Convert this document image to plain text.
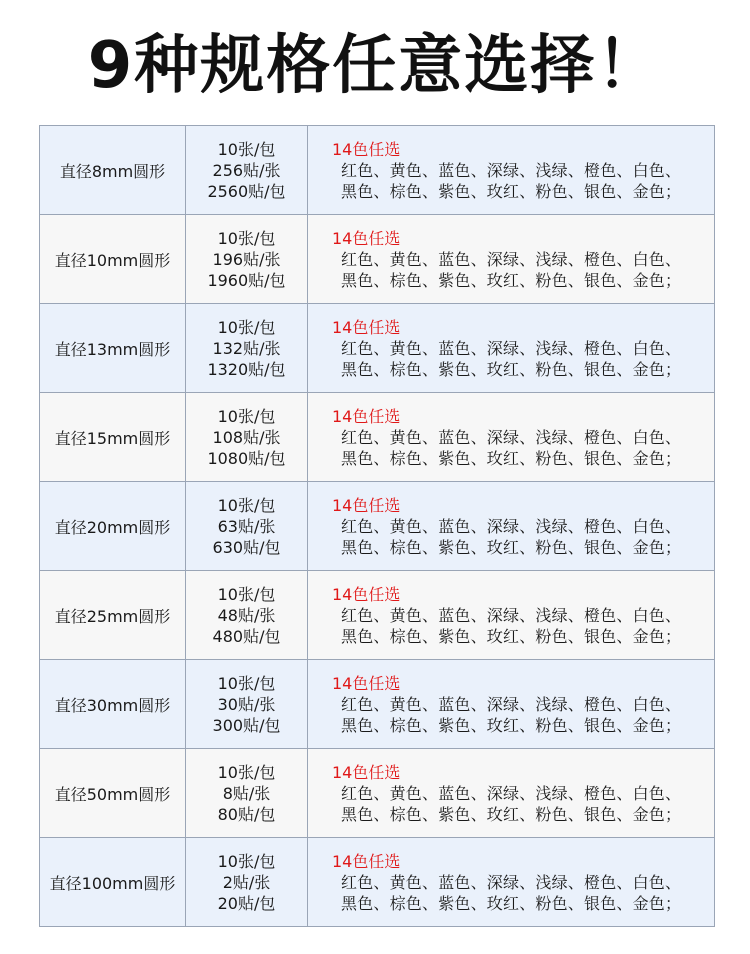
9种规格任意选择！
直径8mm圆形	10张/包
256贴/张
2560贴/包	14色任选
红色、黄色、蓝色、深绿、浅绿、橙色、白色、
黑色、棕色、紫色、玫红、粉色、银色、金色；

直径10mm圆形	10张/包
196贴/张
1960贴/包	14色任选
红色、黄色、蓝色、深绿、浅绿、橙色、白色、
黑色、棕色、紫色、玫红、粉色、银色、金色；

直径13mm圆形	10张/包
132贴/张
1320贴/包	14色任选
红色、黄色、蓝色、深绿、浅绿、橙色、白色、
黑色、棕色、紫色、玫红、粉色、银色、金色；

直径15mm圆形	10张/包
108贴/张
1080贴/包	14色任选
红色、黄色、蓝色、深绿、浅绿、橙色、白色、
黑色、棕色、紫色、玫红、粉色、银色、金色；

直径20mm圆形	10张/包
63贴/张
630贴/包	14色任选
红色、黄色、蓝色、深绿、浅绿、橙色、白色、
黑色、棕色、紫色、玫红、粉色、银色、金色；

直径25mm圆形	10张/包
48贴/张
480贴/包	14色任选
红色、黄色、蓝色、深绿、浅绿、橙色、白色、
黑色、棕色、紫色、玫红、粉色、银色、金色；

直径30mm圆形	10张/包
30贴/张
300贴/包	14色任选
红色、黄色、蓝色、深绿、浅绿、橙色、白色、
黑色、棕色、紫色、玫红、粉色、银色、金色；

直径50mm圆形	10张/包
8贴/张
80贴/包	14色任选
红色、黄色、蓝色、深绿、浅绿、橙色、白色、
黑色、棕色、紫色、玫红、粉色、银色、金色；

直径100mm圆形	10张/包
2贴/张
20贴/包	14色任选
红色、黄色、蓝色、深绿、浅绿、橙色、白色、
黑色、棕色、紫色、玫红、粉色、银色、金色；
